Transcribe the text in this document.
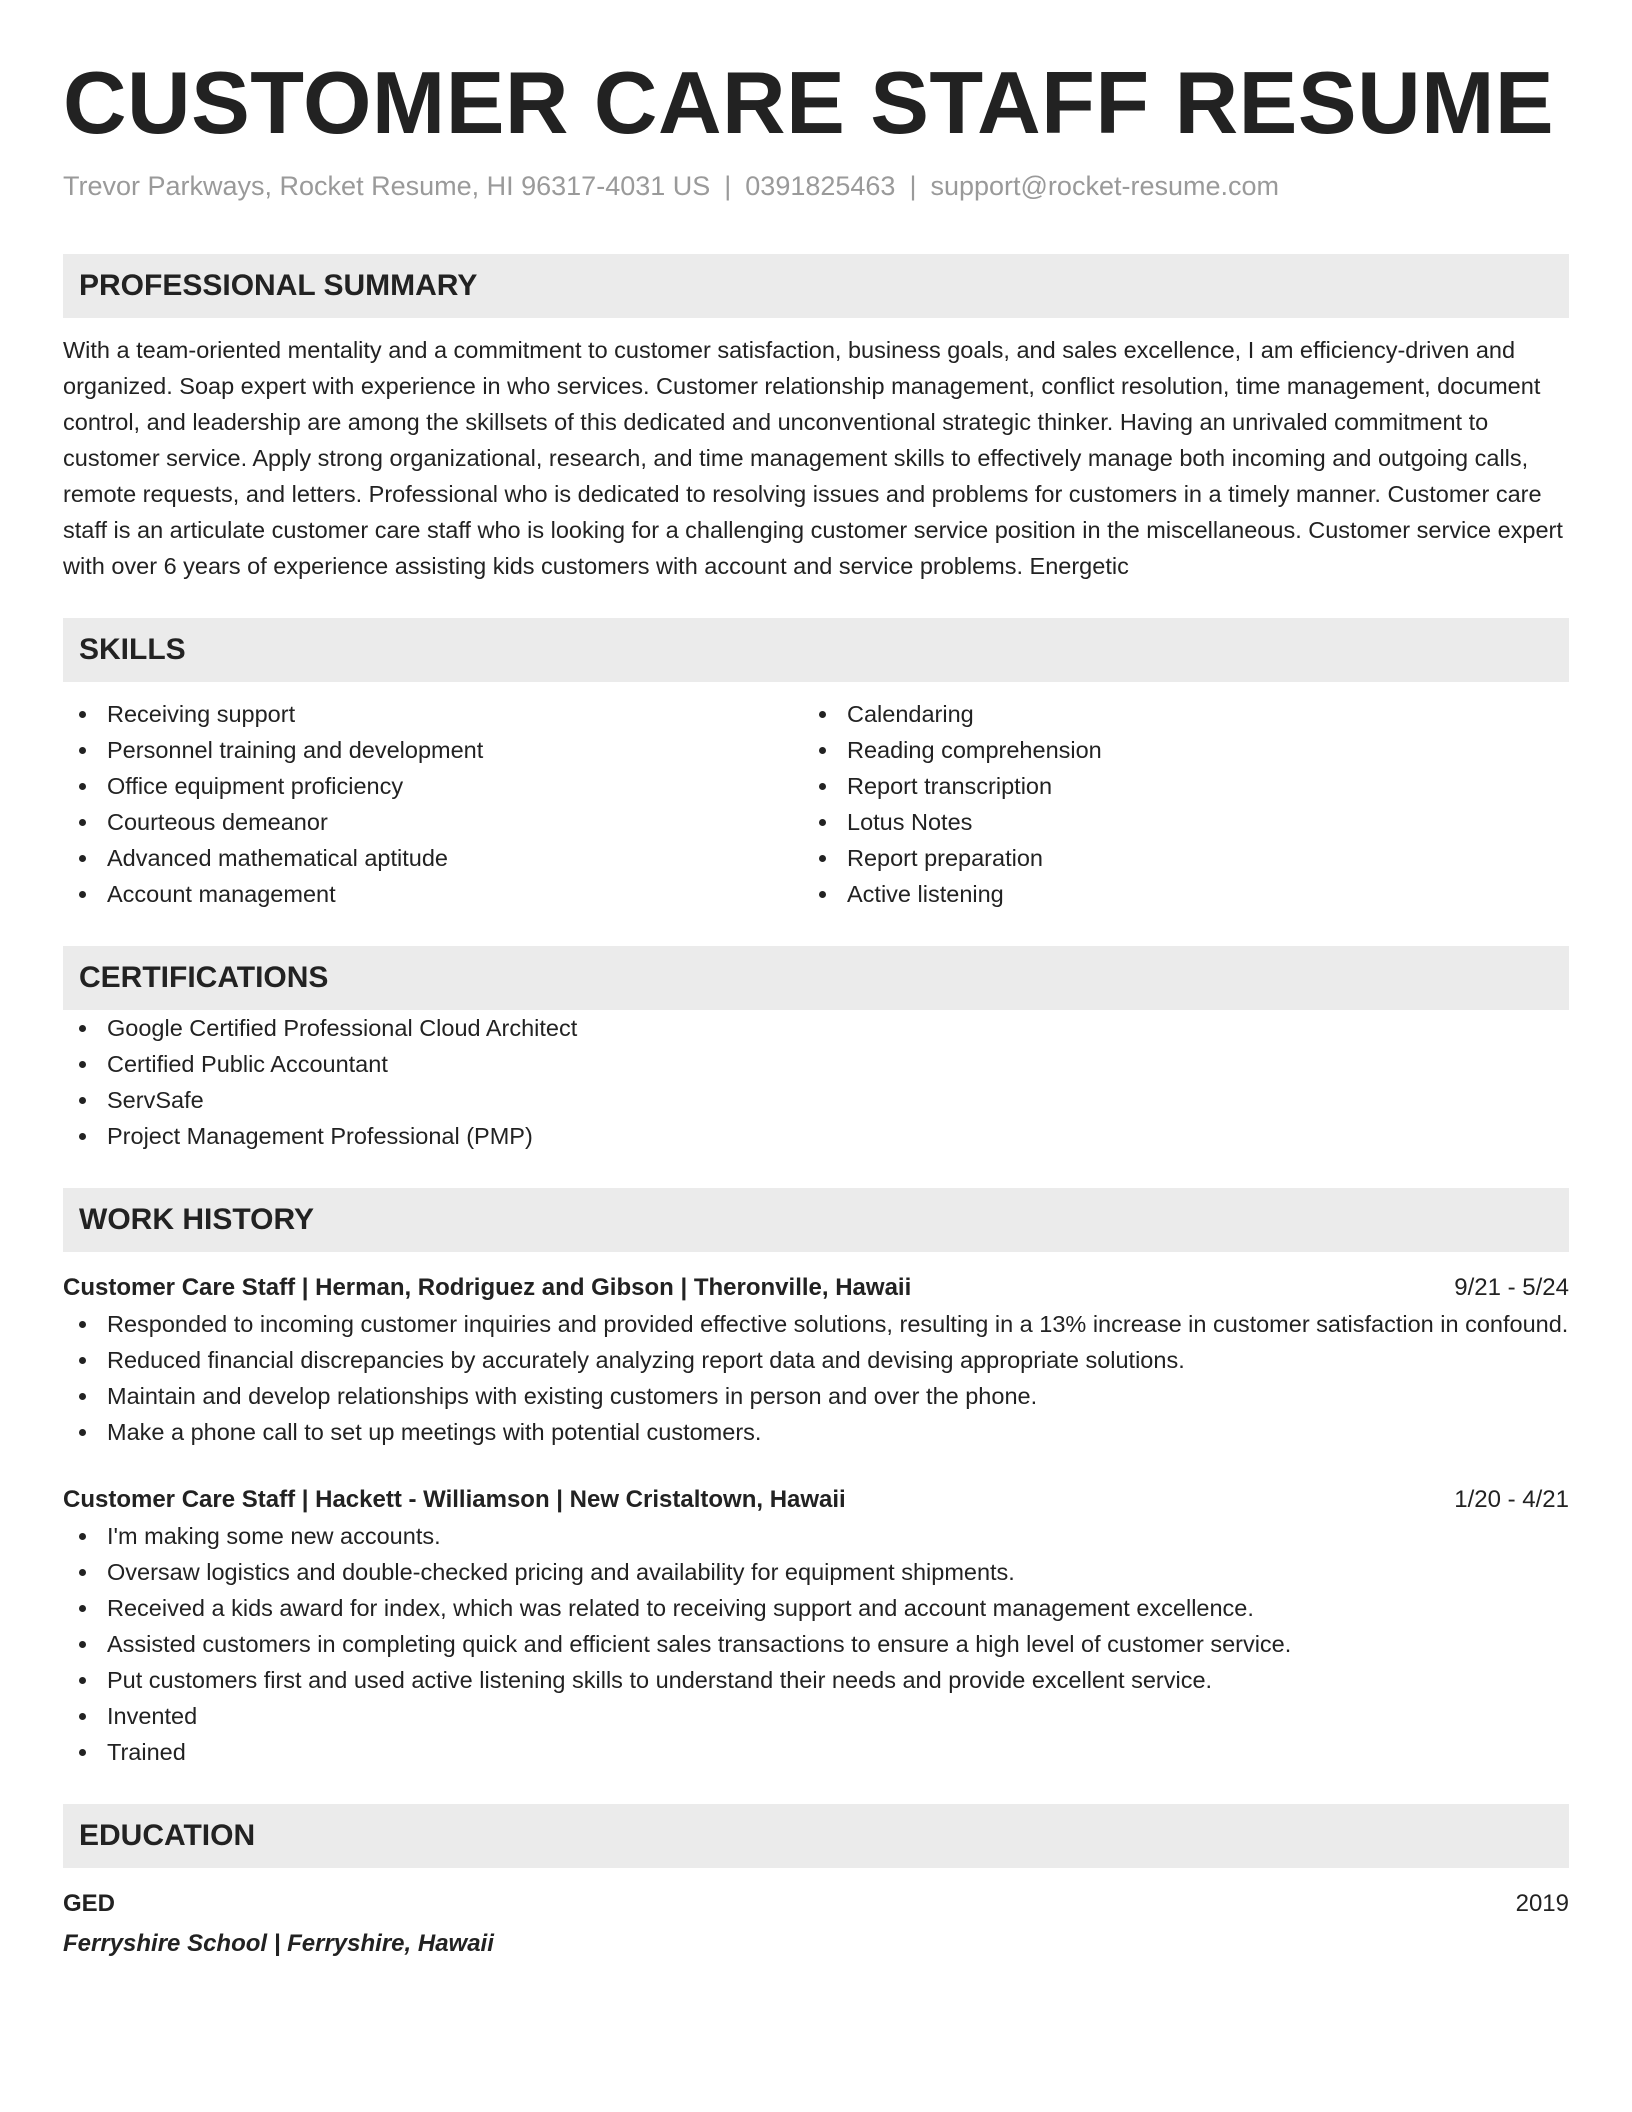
CUSTOMER CARE STAFF RESUME
Trevor Parkways, Rocket Resume, HI 96317-4031 US | 0391825463 | support@rocket-resume.com
PROFESSIONAL SUMMARY
With a team-oriented mentality and a commitment to customer satisfaction, business goals, and sales excellence, I am efficiency-driven and organized. Soap expert with experience in who services. Customer relationship management, conflict resolution, time management, document control, and leadership are among the skillsets of this dedicated and unconventional strategic thinker. Having an unrivaled commitment to customer service. Apply strong organizational, research, and time management skills to effectively manage both incoming and outgoing calls, remote requests, and letters. Professional who is dedicated to resolving issues and problems for customers in a timely manner. Customer care staff is an articulate customer care staff who is looking for a challenging customer service position in the miscellaneous. Customer service expert with over 6 years of experience assisting kids customers with account and service problems. Energetic
SKILLS
Receiving support
Personnel training and development
Office equipment proficiency
Courteous demeanor
Advanced mathematical aptitude
Account management
Calendaring
Reading comprehension
Report transcription
Lotus Notes
Report preparation
Active listening
CERTIFICATIONS
Google Certified Professional Cloud Architect
Certified Public Accountant
ServSafe
Project Management Professional (PMP)
WORK HISTORY
Customer Care Staff | Herman, Rodriguez and Gibson | Theronville, Hawaii	9/21 - 5/24
Responded to incoming customer inquiries and provided effective solutions, resulting in a 13% increase in customer satisfaction in confound.
Reduced financial discrepancies by accurately analyzing report data and devising appropriate solutions.
Maintain and develop relationships with existing customers in person and over the phone.
Make a phone call to set up meetings with potential customers.
Customer Care Staff | Hackett - Williamson | New Cristaltown, Hawaii	1/20 - 4/21
I'm making some new accounts.
Oversaw logistics and double-checked pricing and availability for equipment shipments.
Received a kids award for index, which was related to receiving support and account management excellence.
Assisted customers in completing quick and efficient sales transactions to ensure a high level of customer service.
Put customers first and used active listening skills to understand their needs and provide excellent service.
Invented
Trained
EDUCATION
GED	2019
Ferryshire School | Ferryshire, Hawaii
